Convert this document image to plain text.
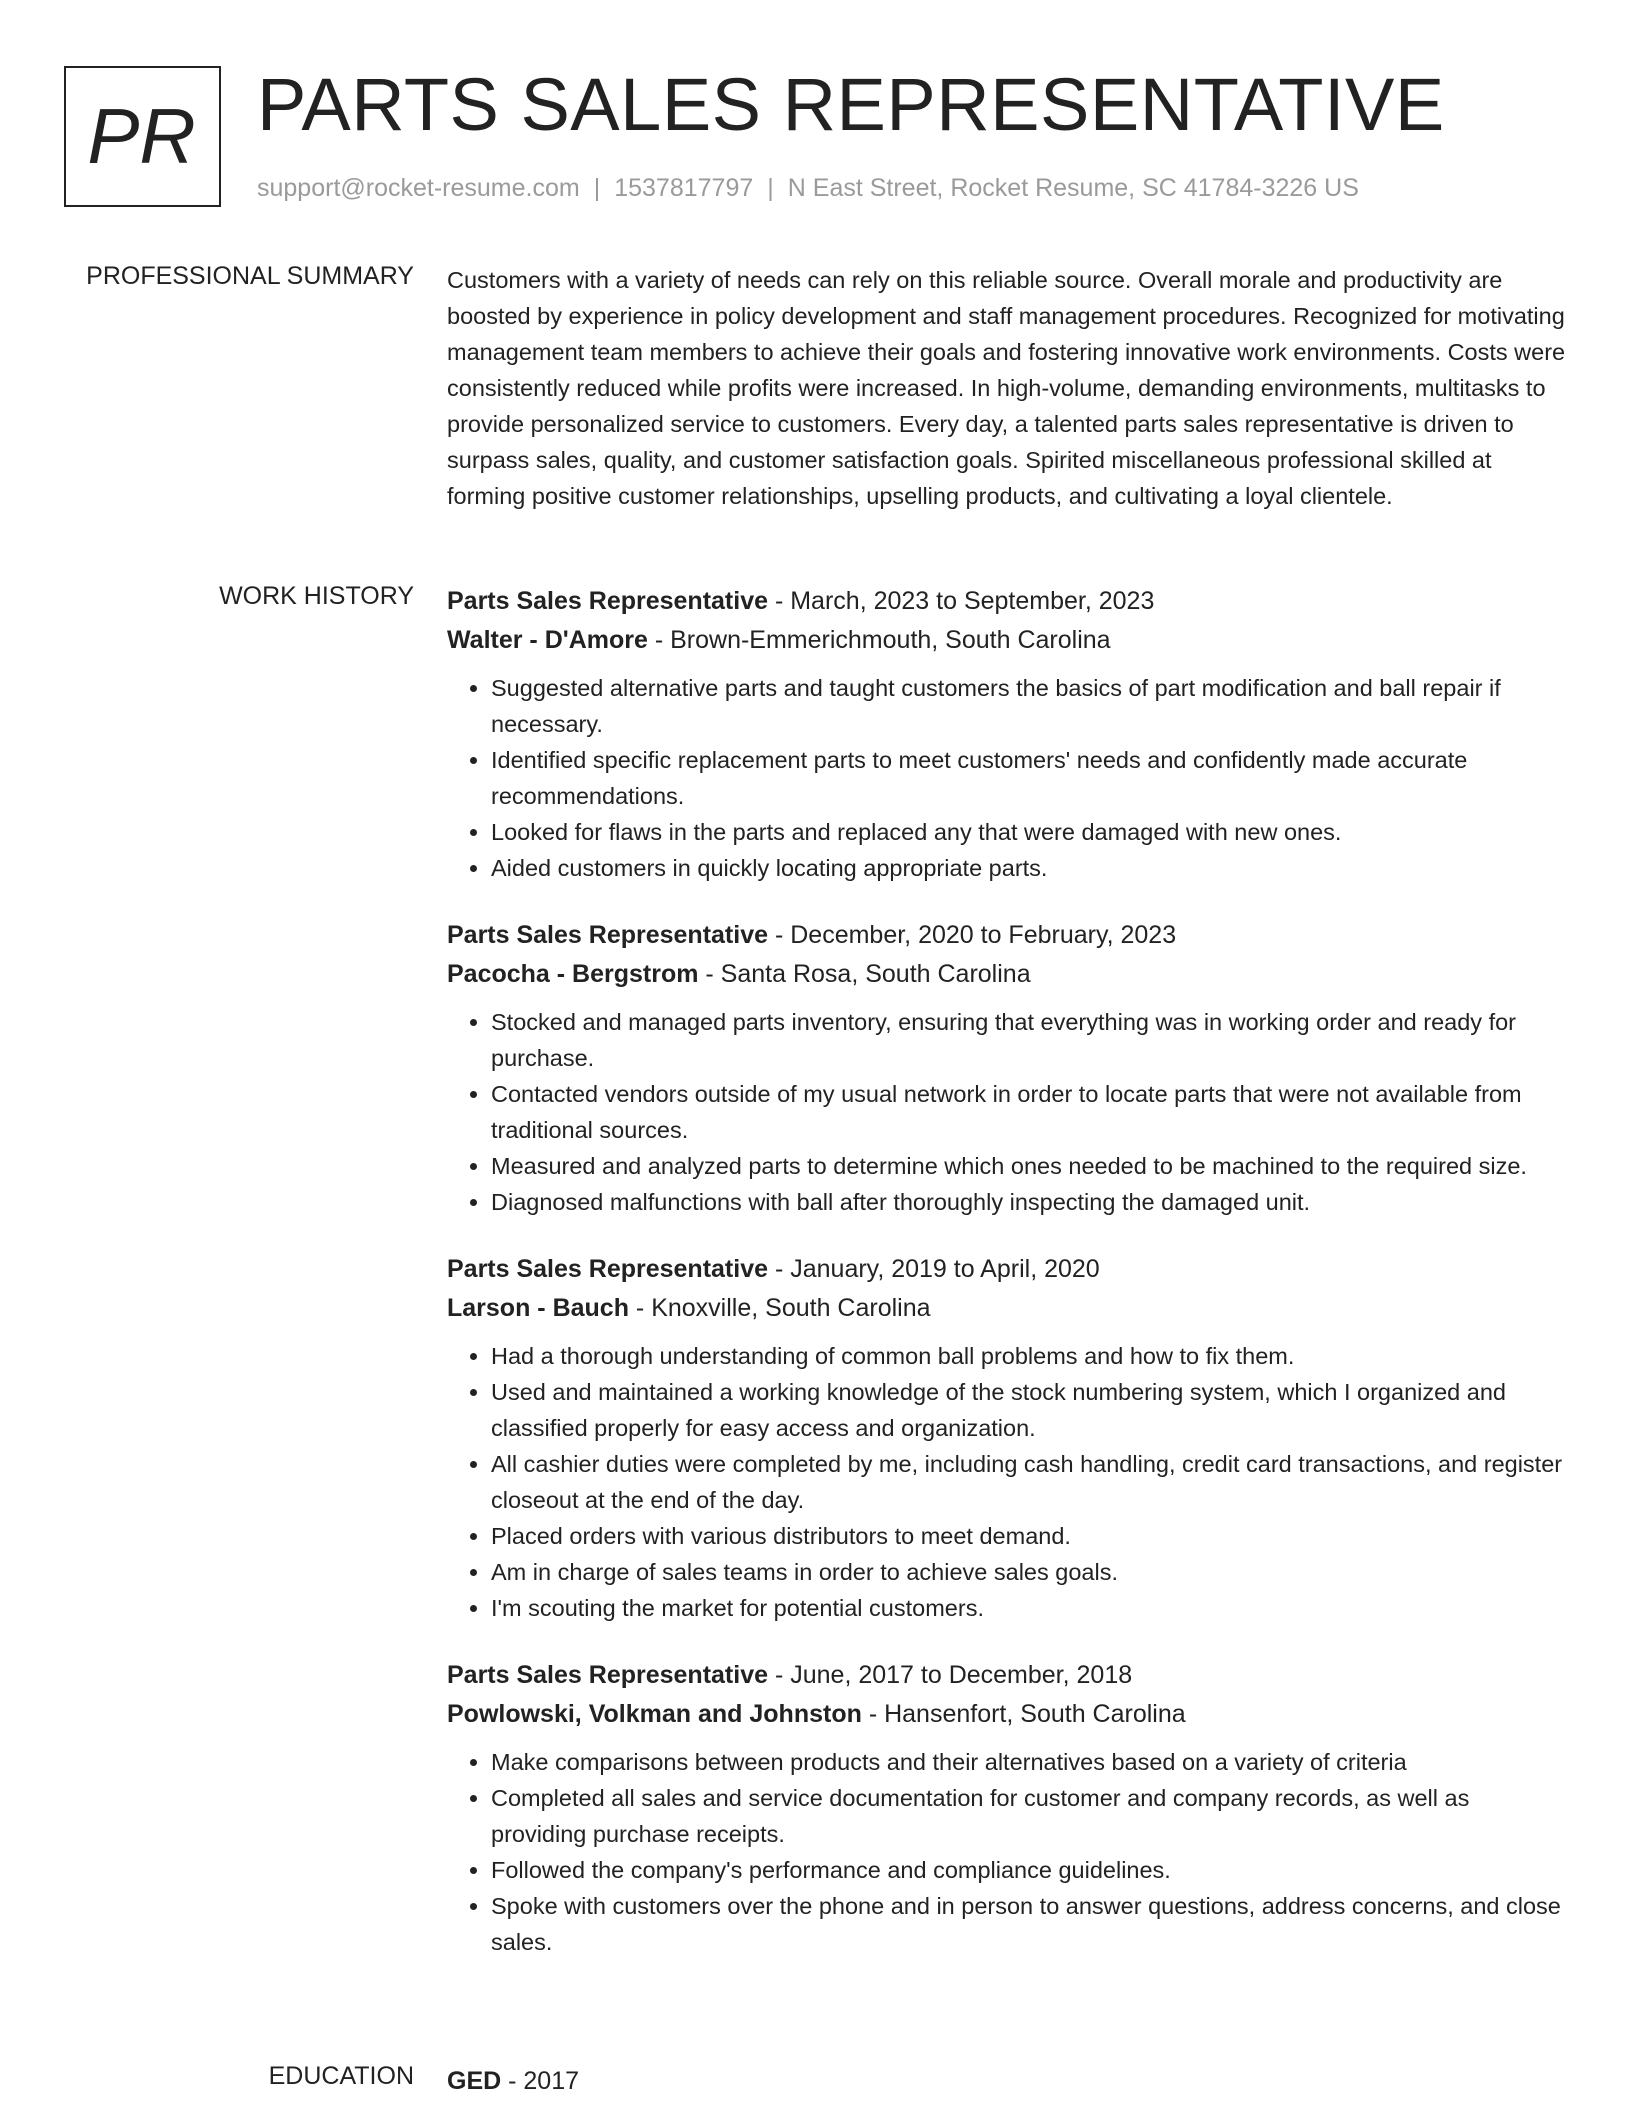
PR PARTS SALES REPRESENTATIVE
support@rocket-resume.com | 1537817797 | N East Street, Rocket Resume, SC 41784-3226 US
PROFESSIONAL SUMMARY Customers with a variety of needs can rely on this reliable source. Overall morale and productivity are boosted by experience in policy development and staff management procedures. Recognized for motivating management team members to achieve their goals and fostering innovative work environments. Costs were consistently reduced while profits were increased. In high-volume, demanding environments, multitasks to provide personalized service to customers. Every day, a talented parts sales representative is driven to surpass sales, quality, and customer satisfaction goals. Spirited miscellaneous professional skilled at forming positive customer relationships, upselling products, and cultivating a loyal clientele.

WORK HISTORY Parts Sales Representative - March, 2023 to September, 2023
Walter - D'Amore - Brown-Emmerichmouth, South Carolina
• Suggested alternative parts and taught customers the basics of part modification and ball repair if necessary.
• Identified specific replacement parts to meet customers' needs and confidently made accurate recommendations.
• Looked for flaws in the parts and replaced any that were damaged with new ones.
• Aided customers in quickly locating appropriate parts.
Parts Sales Representative - December, 2020 to February, 2023
Pacocha - Bergstrom - Santa Rosa, South Carolina
• Stocked and managed parts inventory, ensuring that everything was in working order and ready for purchase.
• Contacted vendors outside of my usual network in order to locate parts that were not available from traditional sources.
• Measured and analyzed parts to determine which ones needed to be machined to the required size.
• Diagnosed malfunctions with ball after thoroughly inspecting the damaged unit.
Parts Sales Representative - January, 2019 to April, 2020
Larson - Bauch - Knoxville, South Carolina
• Had a thorough understanding of common ball problems and how to fix them.
• Used and maintained a working knowledge of the stock numbering system, which I organized and classified properly for easy access and organization.
• All cashier duties were completed by me, including cash handling, credit card transactions, and register closeout at the end of the day.
• Placed orders with various distributors to meet demand.
• Am in charge of sales teams in order to achieve sales goals.
• I'm scouting the market for potential customers.
Parts Sales Representative - June, 2017 to December, 2018
Powlowski, Volkman and Johnston - Hansenfort, South Carolina
• Make comparisons between products and their alternatives based on a variety of criteria
• Completed all sales and service documentation for customer and company records, as well as providing purchase receipts.
• Followed the company's performance and compliance guidelines.
• Spoke with customers over the phone and in person to answer questions, address concerns, and close sales.
EDUCATION GED - 2017
